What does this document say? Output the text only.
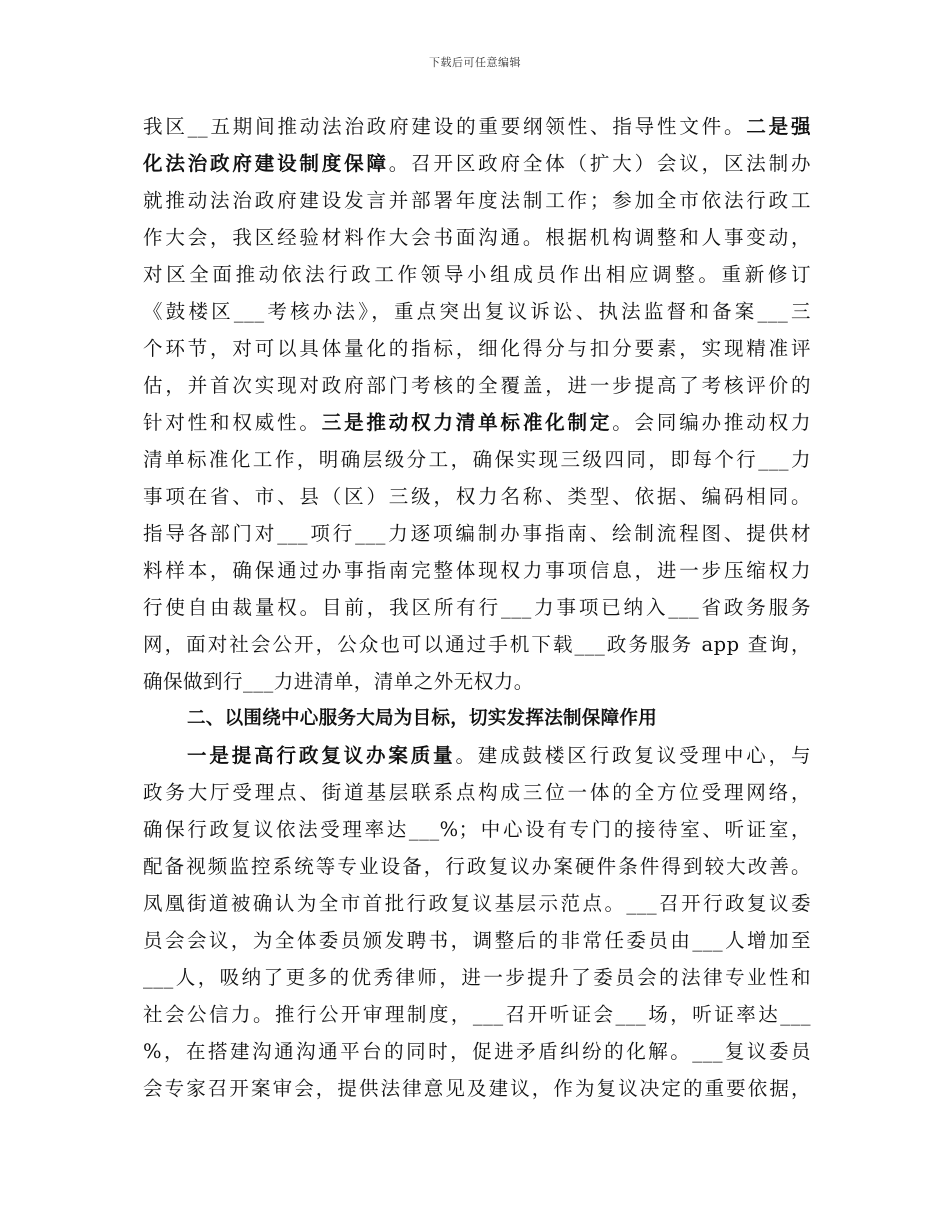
下载后可任意编辑
我区__五期间推动法治政府建设的重要纲领性、指导性文件。二是强
化法治政府建设制度保障。召开区政府全体（扩大）会议，区法制办
就推动法治政府建设发言并部署年度法制工作；参加全市依法行政工
作大会，我区经验材料作大会书面沟通。根据机构调整和人事变动，
对区全面推动依法行政工作领导小组成员作出相应调整。重新修订
《鼓楼区___考核办法》，重点突出复议诉讼、执法监督和备案___三
个环节，对可以具体量化的指标，细化得分与扣分要素，实现精准评
估，并首次实现对政府部门考核的全覆盖，进一步提高了考核评价的
针对性和权威性。三是推动权力清单标准化制定。会同编办推动权力
清单标准化工作，明确层级分工，确保实现三级四同，即每个行___力
事项在省、市、县（区）三级，权力名称、类型、依据、编码相同。
指导各部门对___项行___力逐项编制办事指南、绘制流程图、提供材
料样本，确保通过办事指南完整体现权力事项信息，进一步压缩权力
行使自由裁量权。目前，我区所有行___力事项已纳入___省政务服务
网，面对社会公开，公众也可以通过手机下载___政务服务 app 查询，
确保做到行___力进清单，清单之外无权力。
二、以围绕中心服务大局为目标，切实发挥法制保障作用
一是提高行政复议办案质量。建成鼓楼区行政复议受理中心，与
政务大厅受理点、街道基层联系点构成三位一体的全方位受理网络，
确保行政复议依法受理率达___%；中心设有专门的接待室、听证室，
配备视频监控系统等专业设备，行政复议办案硬件条件得到较大改善。
凤凰街道被确认为全市首批行政复议基层示范点。___召开行政复议委
员会会议，为全体委员颁发聘书，调整后的非常任委员由___人增加至
___人，吸纳了更多的优秀律师，进一步提升了委员会的法律专业性和
社会公信力。推行公开审理制度，___召开听证会___场，听证率达___
%，在搭建沟通沟通平台的同时，促进矛盾纠纷的化解。___复议委员
会专家召开案审会，提供法律意见及建议，作为复议决定的重要依据，
